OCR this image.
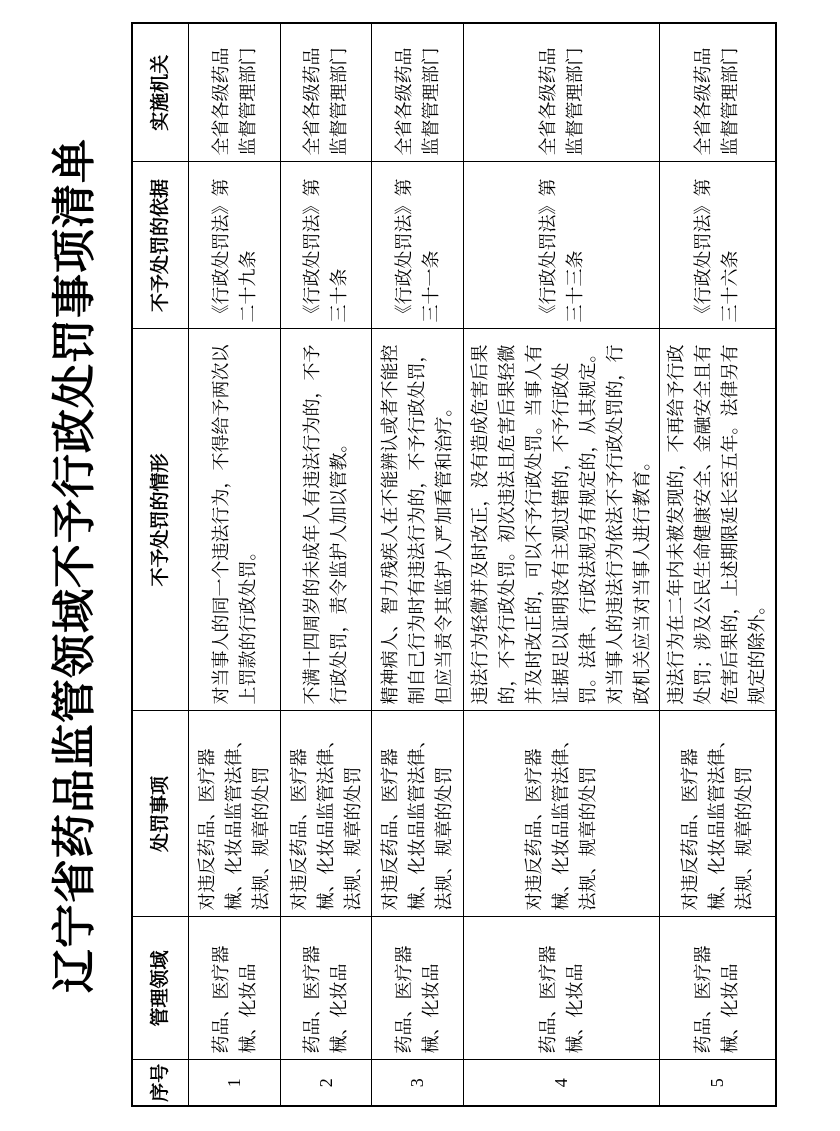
辽宁省药品监管领域不予行政处罚事项清单
序号	管理领域	处罚事项	不予处罚的情形	不予处罚的依据	实施机关
1	药品、医疗器械、化妆品	对违反药品、医疗器械、化妆品监管法律、法规、规章的处罚	对当事人的同一个违法行为，不得给予两次以上罚款的行政处罚。	《行政处罚法》第二十九条	全省各级药品监督管理部门
2	药品、医疗器械、化妆品	对违反药品、医疗器械、化妆品监管法律、法规、规章的处罚	不满十四周岁的未成年人有违法行为的，不予行政处罚，责令监护人加以管教。	《行政处罚法》第三十条	全省各级药品监督管理部门
3	药品、医疗器械、化妆品	对违反药品、医疗器械、化妆品监管法律、法规、规章的处罚	精神病人、智力残疾人在不能辨认或者不能控制自己行为时有违法行为的，不予行政处罚，但应当责令其监护人严加看管和治疗。	《行政处罚法》第三十一条	全省各级药品监督管理部门
4	药品、医疗器械、化妆品	对违反药品、医疗器械、化妆品监管法律、法规、规章的处罚	违法行为轻微并及时改正，没有造成危害后果的，不予行政处罚。初次违法且危害后果轻微并及时改正的，可以不予行政处罚。当事人有证据足以证明没有主观过错的，不予行政处罚。法律、行政法规另有规定的，从其规定。对当事人的违法行为依法不予行政处罚的，行政机关应当对当事人进行教育。	《行政处罚法》第三十三条	全省各级药品监督管理部门
5	药品、医疗器械、化妆品	对违反药品、医疗器械、化妆品监管法律、法规、规章的处罚	违法行为在二年内未被发现的，不再给予行政处罚；涉及公民生命健康安全、金融安全且有危害后果的，上述期限延长至五年。法律另有规定的除外。	《行政处罚法》第三十六条	全省各级药品监督管理部门
